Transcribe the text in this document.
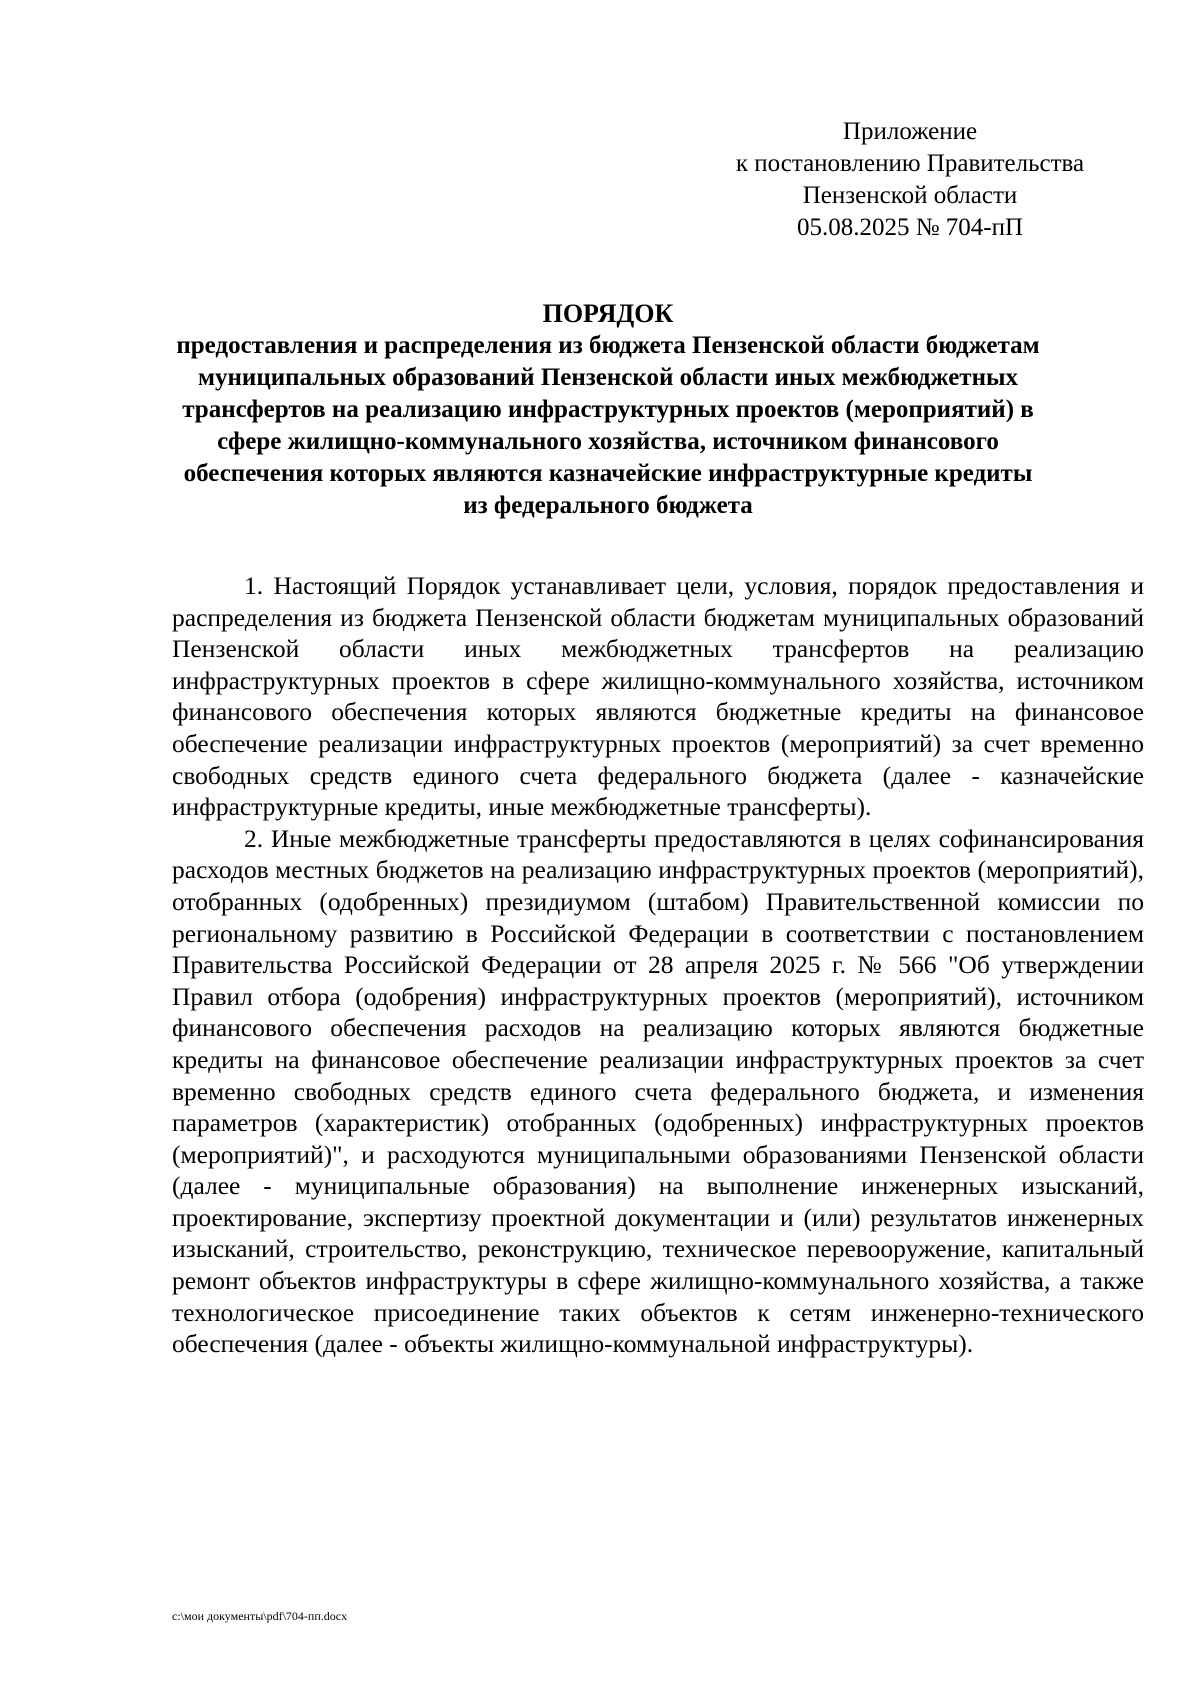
Приложение
к постановлению Правительства
Пензенской области
05.08.2025 № 704-пП
ПОРЯДОК
предоставления и распределения из бюджета Пензенской области бюджетам муниципальных образований Пензенской области иных межбюджетных трансфертов на реализацию инфраструктурных проектов (мероприятий) в сфере жилищно-коммунального хозяйства, источником финансового обеспечения которых являются казначейские инфраструктурные кредиты из федерального бюджета

1. Настоящий Порядок устанавливает цели, условия, порядок предоставления и распределения из бюджета Пензенской области бюджетам муниципальных образований Пензенской области иных межбюджетных трансфертов на реализацию инфраструктурных проектов в сфере жилищно-коммунального хозяйства, источником финансового обеспечения которых являются бюджетные кредиты на финансовое обеспечение реализации инфраструктурных проектов (мероприятий) за счет временно свободных средств единого счета федерального бюджета (далее - казначейские инфраструктурные кредиты, иные межбюджетные трансферты).

2. Иные межбюджетные трансферты предоставляются в целях софинансирования расходов местных бюджетов на реализацию инфраструктурных проектов (мероприятий), отобранных (одобренных) президиумом (штабом) Правительственной комиссии по региональному развитию в Российской Федерации в соответствии с постановлением Правительства Российской Федерации от 28 апреля 2025 г. № 566 "Об утверждении Правил отбора (одобрения) инфраструктурных проектов (мероприятий), источником финансового обеспечения расходов на реализацию которых являются бюджетные кредиты на финансовое обеспечение реализации инфраструктурных проектов за счет временно свободных средств единого счета федерального бюджета, и изменения параметров (характеристик) отобранных (одобренных) инфраструктурных проектов (мероприятий)", и расходуются муниципальными образованиями Пензенской области (далее - муниципальные образования) на выполнение инженерных изысканий, проектирование, экспертизу проектной документации и (или) результатов инженерных изысканий, строительство, реконструкцию, техническое перевооружение, капитальный ремонт объектов инфраструктуры в сфере жилищно-коммунального хозяйства, а также технологическое присоединение таких объектов к сетям инженерно-технического обеспечения (далее - объекты жилищно-коммунальной инфраструктуры).

c:\мои документы\pdf\704-пп.docx
